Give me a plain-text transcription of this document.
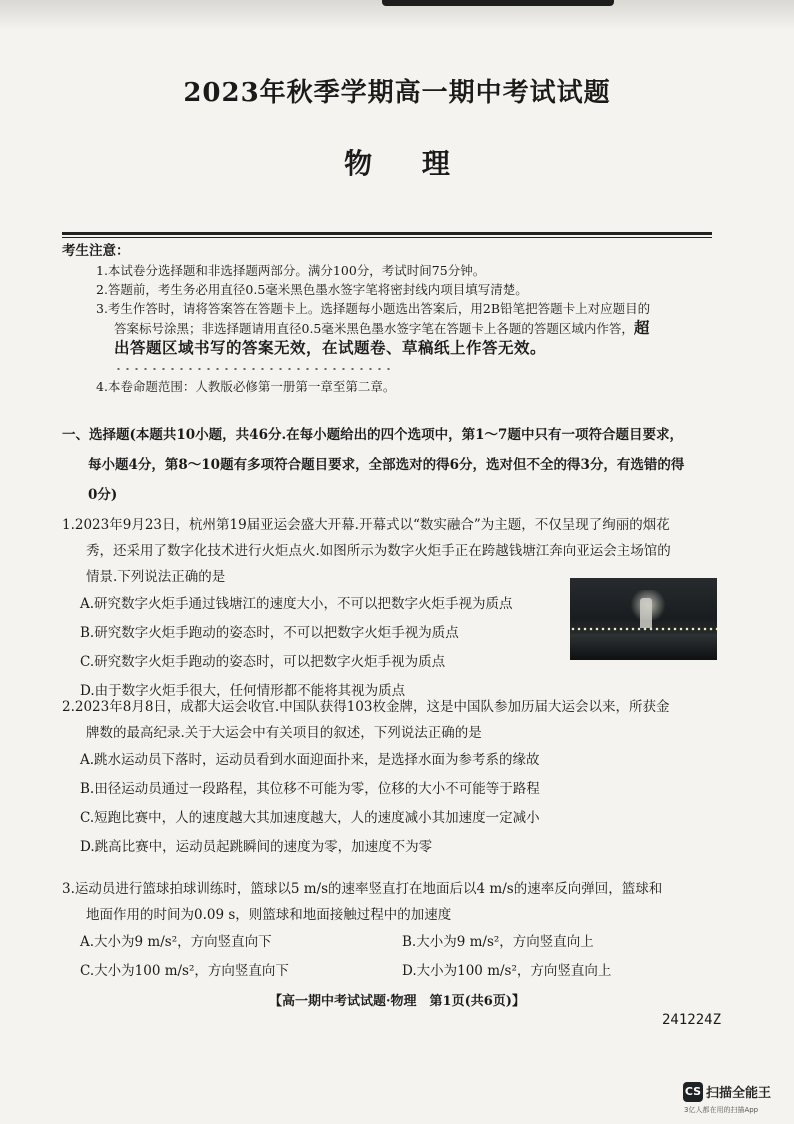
2023年秋季学期高一期中考试试题
物 理
考生注意：
1.本试卷分选择题和非选择题两部分。满分100分，考试时间75分钟。
2.答题前，考生务必用直径0.5毫米黑色墨水签字笔将密封线内项目填写清楚。
3.考生作答时，请将答案答在答题卡上。选择题每小题选出答案后，用2B铅笔把答题卡上对应题目的
答案标号涂黑；非选择题请用直径0.5毫米黑色墨水签字笔在答题卡上各题的答题区域内作答，超
出答题区域书写的答案无效，在试题卷、草稿纸上作答无效。
4.本卷命题范围：人教版必修第一册第一章至第二章。
一、选择题(本题共10小题，共46分.在每小题给出的四个选项中，第1～7题中只有一项符合题目要求，
每小题4分，第8～10题有多项符合题目要求，全部选对的得6分，选对但不全的得3分，有选错的得
0分)
1.2023年9月23日，杭州第19届亚运会盛大开幕.开幕式以“数实融合”为主题，不仅呈现了绚丽的烟花
秀，还采用了数字化技术进行火炬点火.如图所示为数字火炬手正在跨越钱塘江奔向亚运会主场馆的
情景.下列说法正确的是
A.研究数字火炬手通过钱塘江的速度大小，不可以把数字火炬手视为质点
B.研究数字火炬手跑动的姿态时，不可以把数字火炬手视为质点
C.研究数字火炬手跑动的姿态时，可以把数字火炬手视为质点
D.由于数字火炬手很大，任何情形都不能将其视为质点
2.2023年8月8日，成都大运会收官.中国队获得103枚金牌，这是中国队参加历届大运会以来，所获金
牌数的最高纪录.关于大运会中有关项目的叙述，下列说法正确的是
A.跳水运动员下落时，运动员看到水面迎面扑来，是选择水面为参考系的缘故
B.田径运动员通过一段路程，其位移不可能为零，位移的大小不可能等于路程
C.短跑比赛中，人的速度越大其加速度越大，人的速度减小其加速度一定减小
D.跳高比赛中，运动员起跳瞬间的速度为零，加速度不为零
3.运动员进行篮球拍球训练时，篮球以5 m/s的速率竖直打在地面后以4 m/s的速率反向弹回，篮球和
地面作用的时间为0.09 s，则篮球和地面接触过程中的加速度
A.大小为9 m/s²，方向竖直向下	B.大小为9 m/s²，方向竖直向上
C.大小为100 m/s²，方向竖直向下	D.大小为100 m/s²，方向竖直向上
【高一期中考试试题·物理　第1页(共6页)】
241224Z
CS 扫描全能王
3亿人都在用的扫描App
